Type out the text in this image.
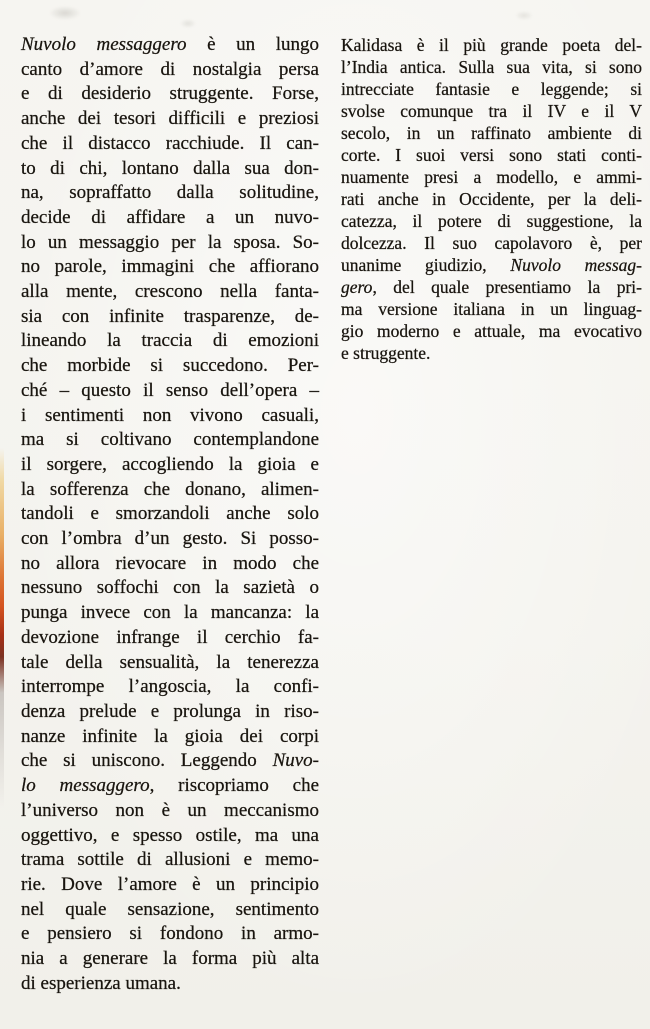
Nuvolo messaggero è un lungo
canto d’amore di nostalgia persa
e di desiderio struggente. Forse,
anche dei tesori difficili e preziosi
che il distacco racchiude. Il can-
to di chi, lontano dalla sua don-
na, sopraffatto dalla solitudine,
decide di affidare a un nuvo-
lo un messaggio per la sposa. So-
no parole, immagini che affiorano
alla mente, crescono nella fanta-
sia con infinite trasparenze, de-
lineando la traccia di emozioni
che morbide si succedono. Per-
ché – questo il senso dell’opera –
i sentimenti non vivono casuali,
ma si coltivano contemplandone
il sorgere, accogliendo la gioia e
la sofferenza che donano, alimen-
tandoli e smorzandoli anche solo
con l’ombra d’un gesto. Si posso-
no allora rievocare in modo che
nessuno soffochi con la sazietà o
punga invece con la mancanza: la
devozione infrange il cerchio fa-
tale della sensualità, la tenerezza
interrompe l’angoscia, la confi-
denza prelude e prolunga in riso-
nanze infinite la gioia dei corpi
che si uniscono. Leggendo Nuvo-
lo messaggero, riscopriamo che
l’universo non è un meccanismo
oggettivo, e spesso ostile, ma una
trama sottile di allusioni e memo-
rie. Dove l’amore è un principio
nel quale sensazione, sentimento
e pensiero si fondono in armo-
nia a generare la forma più alta
di esperienza umana.
Kalidasa è il più grande poeta del-
l’India antica. Sulla sua vita, si sono
intrecciate fantasie e leggende; si
svolse comunque tra il IV e il V
secolo, in un raffinato ambiente di
corte. I suoi versi sono stati conti-
nuamente presi a modello, e ammi-
rati anche in Occidente, per la deli-
catezza, il potere di suggestione, la
dolcezza. Il suo capolavoro è, per
unanime giudizio, Nuvolo messag-
gero, del quale presentiamo la pri-
ma versione italiana in un linguag-
gio moderno e attuale, ma evocativo
e struggente.
